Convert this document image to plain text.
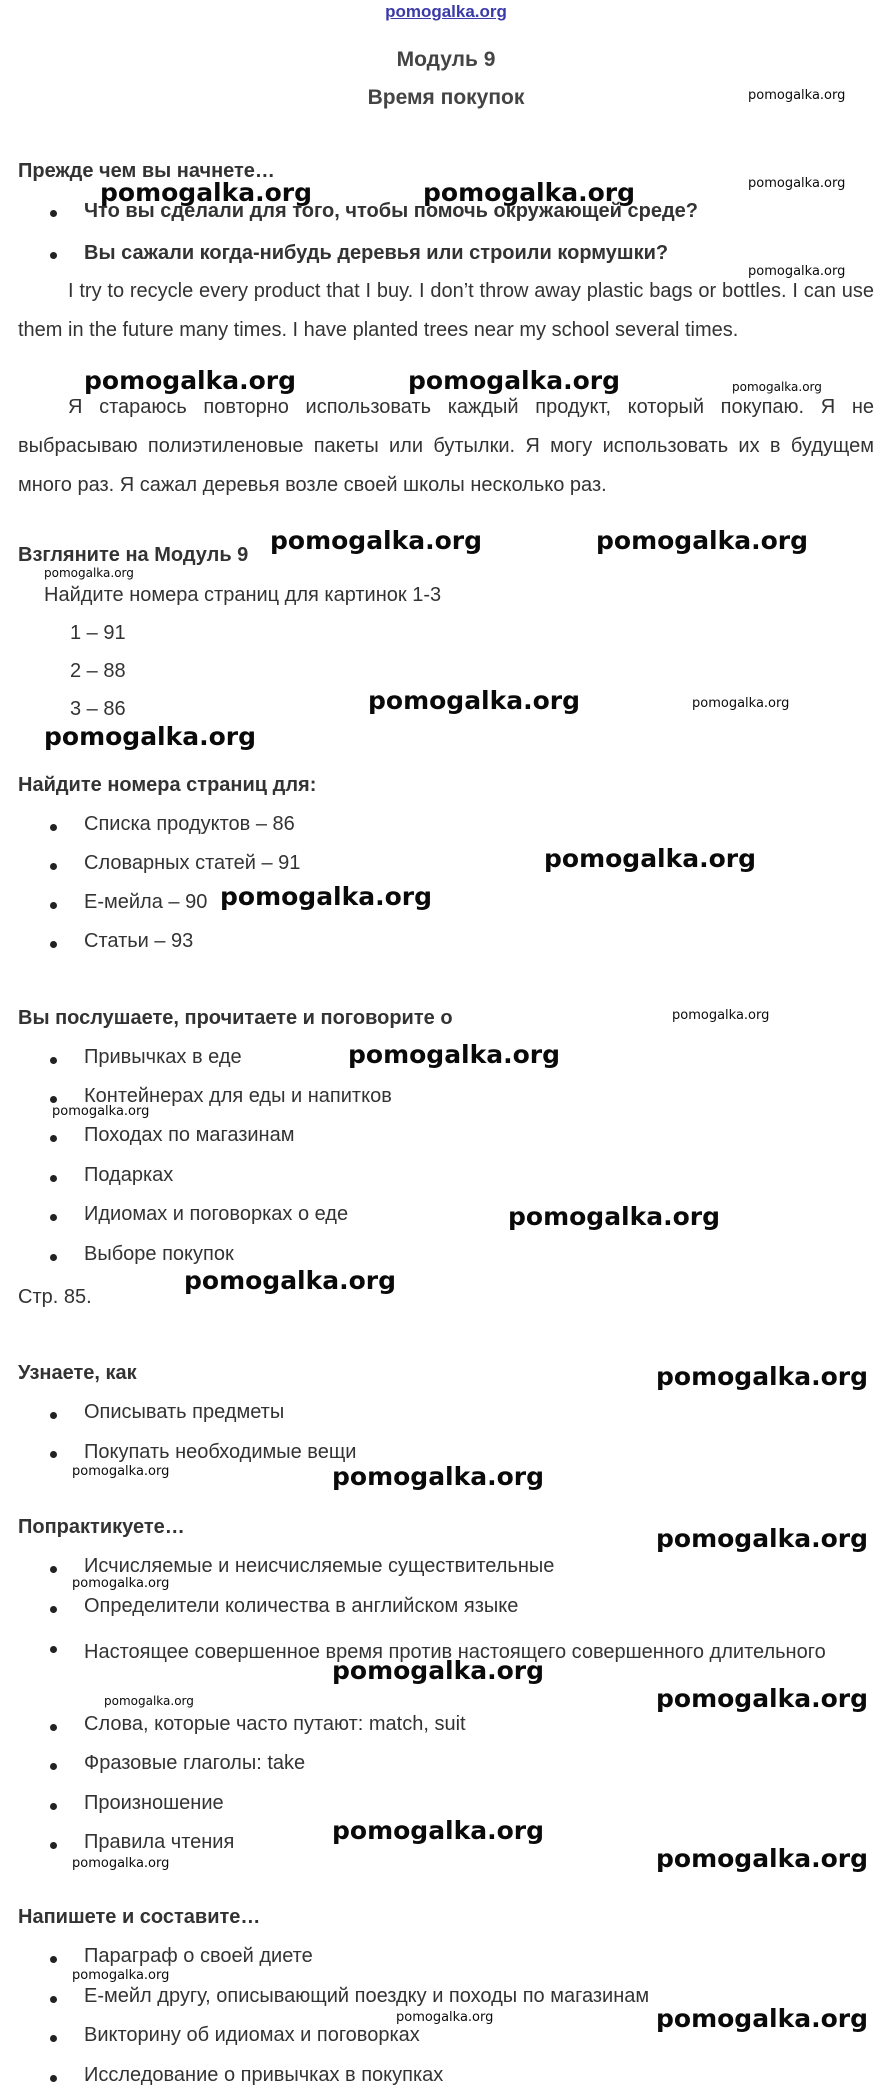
pomogalka.org
Модуль 9
Время покупок
Прежде чем вы начнете…
Что вы сделали для того, чтобы помочь окружающей среде?
Вы сажали когда-нибудь деревья или строили кормушки?
I try to recycle every product that I buy. I don’t throw away plastic bags or bottles. I can use them in the future many times. I have planted trees near my school several times.
Я стараюсь повторно использовать каждый продукт, который покупаю. Я не выбрасываю полиэтиленовые пакеты или бутылки. Я могу использовать их в будущем много раз. Я сажал деревья возле своей школы несколько раз.
Взгляните на Модуль 9
Найдите номера страниц для картинок 1-3
1 – 91
2 – 88
3 – 86
Найдите номера страниц для:
Списка продуктов – 86
Словарных статей – 91
Е-мейла – 90
Статьи – 93
Вы послушаете, прочитаете и поговорите о
Привычках в еде
Контейнерах для еды и напитков
Походах по магазинам
Подарках
Идиомах и поговорках о еде
Выборе покупок
Стр. 85.
Узнаете, как
Описывать предметы
Покупать необходимые вещи
Попрактикуете…
Исчисляемые и неисчисляемые существительные
Определители количества в английском языке
Настоящее совершенное время против настоящего совершенного длительного
Слова, которые часто путают: match, suit
Фразовые глаголы: take
Произношение
Правила чтения
Напишете и составите…
Параграф о своей диете
Е-мейл другу, описывающий поездку и походы по магазинам
Викторину об идиомах и поговорках
Исследование о привычках в покупках
pomogalka.org
pomogalka.org	pomogalka.org	pomogalka.org
pomogalka.org
pomogalka.org	pomogalka.org	pomogalka.org
pomogalka.org	pomogalka.org
pomogalka.org
pomogalka.org	pomogalka.org
pomogalka.org
pomogalka.org
pomogalka.org
pomogalka.org
pomogalka.org
pomogalka.org
pomogalka.org
pomogalka.org
pomogalka.org
pomogalka.org	pomogalka.org
pomogalka.org
pomogalka.org
pomogalka.org
pomogalka.org
pomogalka.org
pomogalka.org
pomogalka.org
pomogalka.org
pomogalka.org
pomogalka.org	pomogalka.org
